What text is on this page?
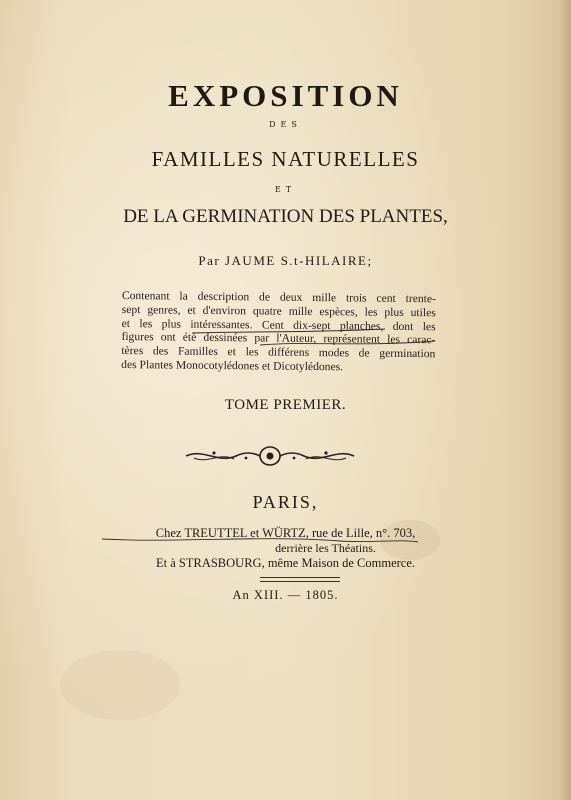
EXPOSITION
DES
FAMILLES NATURELLES
ET
DE LA GERMINATION DES PLANTES,
Par JAUME S.t-HILAIRE;
Contenant la description de deux mille trois cent trente-
sept genres, et d'environ quatre mille espèces, les plus utiles
et les plus intéressantes. Cent dix-sept planches, dont les
figures ont été dessinées par l'Auteur, représentent les carac-
tères des Familles et les différens modes de germination
des Plantes Monocotylédones et Dicotylédones.
TOME PREMIER.
PARIS,
Chez TREUTTEL et WÜRTZ, rue de Lille, n°. 703,
derrière les Théatins.
Et à STRASBOURG, même Maison de Commerce.
An XIII. — 1805.
